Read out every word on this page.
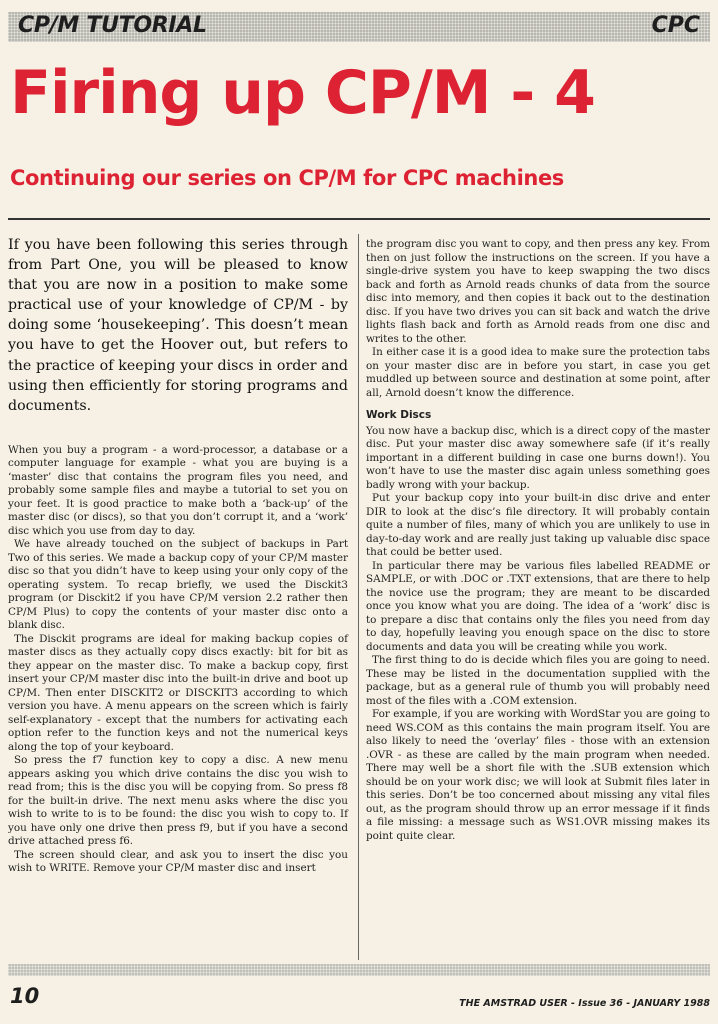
CP/M TUTORIAL	CPC
Firing up CP/M - 4
Continuing our series on CP/M for CPC machines

If you have been following this series through from Part One, you will be pleased to know that you are now in a position to make some practical use of your knowledge of CP/M - by doing some ‘housekeeping’. This doesn’t mean you have to get the Hoover out, but refers to the practice of keeping your discs in order and using then efficiently for storing programs and documents.

When you buy a program - a word-processor, a database or a computer language for example - what you are buying is a ‘master’ disc that contains the program files you need, and probably some sample files and maybe a tutorial to set you on your feet. It is good practice to make both a ‘back-up’ of the master disc (or discs), so that you don’t corrupt it, and a ‘work’ disc which you use from day to day.

We have already touched on the subject of backups in Part Two of this series. We made a backup copy of your CP/M master disc so that you didn’t have to keep using your only copy of the operating system. To recap briefly, we used the Disckit3 program (or Disckit2 if you have CP/M version 2.2 rather then CP/M Plus) to copy the contents of your master disc onto a blank disc.

The Disckit programs are ideal for making backup copies of master discs as they actually copy discs exactly: bit for bit as they appear on the master disc. To make a backup copy, first insert your CP/M master disc into the built-in drive and boot up CP/M. Then enter DISCKIT2 or DISCKIT3 according to which version you have. A menu appears on the screen which is fairly self-explanatory - except that the numbers for activating each option refer to the function keys and not the numerical keys along the top of your keyboard.

So press the f7 function key to copy a disc. A new menu appears asking you which drive contains the disc you wish to read from; this is the disc you will be copying from. So press f8 for the built-in drive. The next menu asks where the disc you wish to write to is to be found: the disc you wish to copy to. If you have only one drive then press f9, but if you have a second drive attached press f6.

The screen should clear, and ask you to insert the disc you wish to WRITE. Remove your CP/M master disc and insert

the program disc you want to copy, and then press any key. From then on just follow the instructions on the screen. If you have a single-drive system you have to keep swapping the two discs back and forth as Arnold reads chunks of data from the source disc into memory, and then copies it back out to the destination disc. If you have two drives you can sit back and watch the drive lights flash back and forth as Arnold reads from one disc and writes to the other.

In either case it is a good idea to make sure the protection tabs on your master disc are in before you start, in case you get muddled up between source and destination at some point, after all, Arnold doesn’t know the difference.

Work Discs

You now have a backup disc, which is a direct copy of the master disc. Put your master disc away somewhere safe (if it’s really important in a different building in case one burns down!). You won’t have to use the master disc again unless something goes badly wrong with your backup.

Put your backup copy into your built-in disc drive and enter DIR to look at the disc’s file directory. It will probably contain quite a number of files, many of which you are unlikely to use in day-to-day work and are really just taking up valuable disc space that could be better used.

In particular there may be various files labelled README or SAMPLE, or with .DOC or .TXT extensions, that are there to help the novice use the program; they are meant to be discarded once you know what you are doing. The idea of a ‘work’ disc is to prepare a disc that contains only the files you need from day to day, hopefully leaving you enough space on the disc to store documents and data you will be creating while you work.

The first thing to do is decide which files you are going to need. These may be listed in the documentation supplied with the package, but as a general rule of thumb you will probably need most of the files with a .COM extension.

For example, if you are working with WordStar you are going to need WS.COM as this contains the main program itself. You are also likely to need the ‘overlay’ files - those with an extension .OVR - as these are called by the main program when needed. There may well be a short file with the .SUB extension which should be on your work disc; we will look at Submit files later in this series. Don’t be too concerned about missing any vital files out, as the program should throw up an error message if it finds a file missing: a message such as WS1.OVR missing makes its point quite clear.

10	THE AMSTRAD USER - Issue 36 - JANUARY 1988
